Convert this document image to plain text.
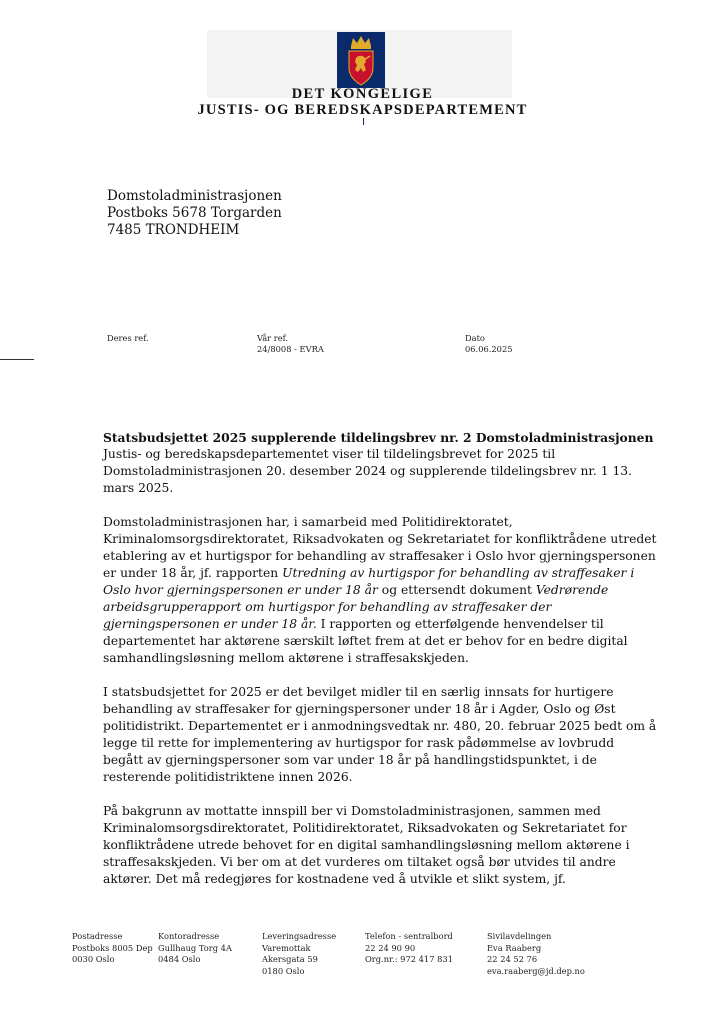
DET KONGELIGE
JUSTIS- OG BEREDSKAPSDEPARTEMENT
Domstoladministrasjonen
Postboks 5678 Torgarden
7485 TRONDHEIM
Deres ref.	Vår ref.
24/8008 - EVRA
Dato
06.06.2025
Statsbudsjettet 2025 supplerende tildelingsbrev nr. 2 Domstoladministrasjonen

Justis- og beredskapsdepartementet viser til tildelingsbrevet for 2025 til Domstoladministrasjonen 20. desember 2024 og supplerende tildelingsbrev nr. 1 13. mars 2025.

Domstoladministrasjonen har, i samarbeid med Politidirektoratet, Kriminalomsorgsdirektoratet, Riksadvokaten og Sekretariatet for konfliktrådene utredet etablering av et hurtigspor for behandling av straffesaker i Oslo hvor gjerningspersonen er under 18 år, jf. rapporten Utredning av hurtigspor for behandling av straffesaker i Oslo hvor gjerningspersonen er under 18 år og ettersendt dokument Vedrørende arbeidsgrupperapport om hurtigspor for behandling av straffesaker der gjerningspersonen er under 18 år. I rapporten og etterfølgende henvendelser til departementet har aktørene særskilt løftet frem at det er behov for en bedre digital samhandlingsløsning mellom aktørene i straffesakskjeden.

I statsbudsjettet for 2025 er det bevilget midler til en særlig innsats for hurtigere behandling av straffesaker for gjerningspersoner under 18 år i Agder, Oslo og Øst politidistrikt. Departementet er i anmodningsvedtak nr. 480, 20. februar 2025 bedt om å legge til rette for implementering av hurtigspor for rask pådømmelse av lovbrudd begått av gjerningspersoner som var under 18 år på handlingstidspunktet, i de resterende politidistriktene innen 2026.

På bakgrunn av mottatte innspill ber vi Domstoladministrasjonen, sammen med Kriminalomsorgsdirektoratet, Politidirektoratet, Riksadvokaten og Sekretariatet for konfliktrådene utrede behovet for en digital samhandlingsløsning mellom aktørene i straffesakskjeden. Vi ber om at det vurderes om tiltaket også bør utvides til andre aktører. Det må redegjøres for kostnadene ved å utvikle et slikt system, jf.

Postadresse
Postboks 8005 Dep
0030 Oslo
Kontoradresse
Gullhaug Torg 4A
0484 Oslo
Leveringsadresse
Varemottak
Akersgata 59
0180 Oslo
Telefon - sentralbord
22 24 90 90
Org.nr.: 972 417 831
Sivilavdelingen
Eva Raaberg
22 24 52 76
eva.raaberg@jd.dep.no
